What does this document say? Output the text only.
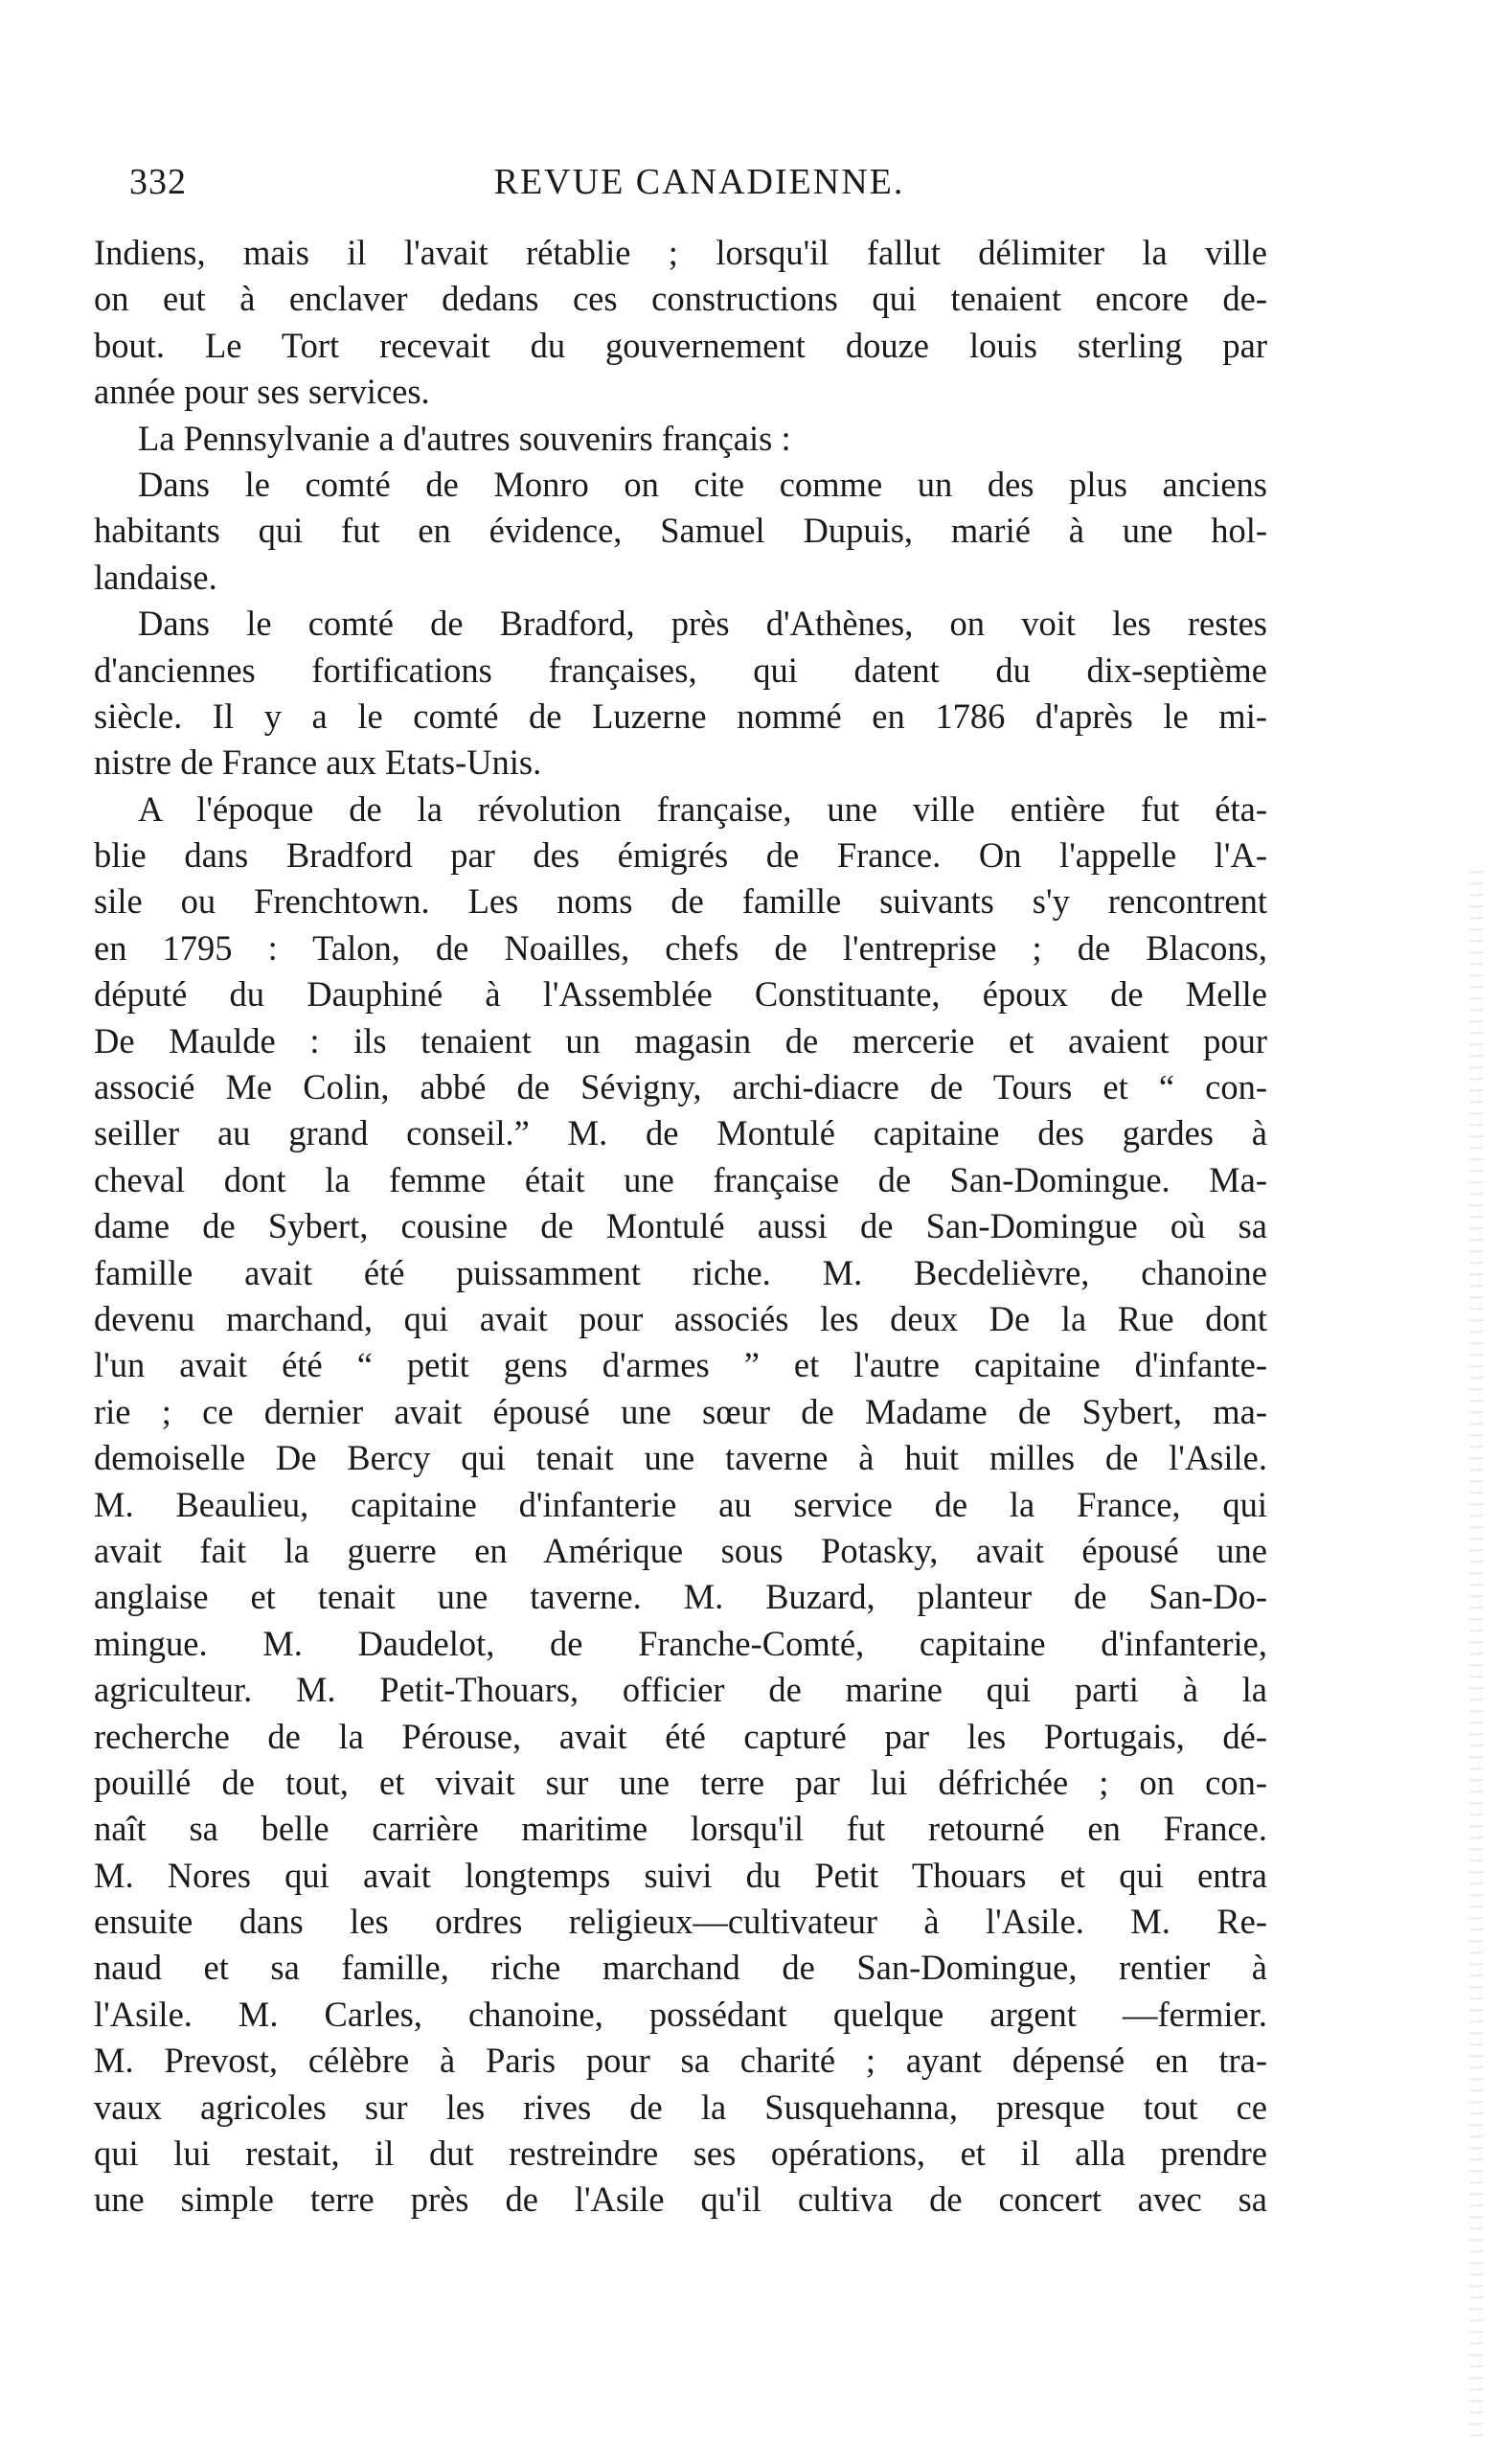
332	REVUE CANADIENNE.
Indiens, mais il l'avait rétablie ; lorsqu'il fallut délimiter la ville
on eut à enclaver dedans ces constructions qui tenaient encore de-
bout. Le Tort recevait du gouvernement douze louis sterling par
année pour ses services.
La Pennsylvanie a d'autres souvenirs français :
Dans le comté de Monro on cite comme un des plus anciens
habitants qui fut en évidence, Samuel Dupuis, marié à une hol-
landaise.
Dans le comté de Bradford, près d'Athènes, on voit les restes
d'anciennes fortifications françaises, qui datent du dix-septième
siècle. Il y a le comté de Luzerne nommé en 1786 d'après le mi-
nistre de France aux Etats-Unis.
A l'époque de la révolution française, une ville entière fut éta-
blie dans Bradford par des émigrés de France. On l'appelle l'A-
sile ou Frenchtown. Les noms de famille suivants s'y rencontrent
en 1795 : Talon, de Noailles, chefs de l'entreprise ; de Blacons,
député du Dauphiné à l'Assemblée Constituante, époux de Melle
De Maulde : ils tenaient un magasin de mercerie et avaient pour
associé Me Colin, abbé de Sévigny, archi-diacre de Tours et “ con-
seiller au grand conseil.” M. de Montulé capitaine des gardes à
cheval dont la femme était une française de San-Domingue. Ma-
dame de Sybert, cousine de Montulé aussi de San-Domingue où sa
famille avait été puissamment riche. M. Becdelièvre, chanoine
devenu marchand, qui avait pour associés les deux De la Rue dont
l'un avait été “ petit gens d'armes ” et l'autre capitaine d'infante-
rie ; ce dernier avait épousé une sœur de Madame de Sybert, ma-
demoiselle De Bercy qui tenait une taverne à huit milles de l'Asile.
M. Beaulieu, capitaine d'infanterie au service de la France, qui
avait fait la guerre en Amérique sous Potasky, avait épousé une
anglaise et tenait une taverne. M. Buzard, planteur de San-Do-
mingue. M. Daudelot, de Franche-Comté, capitaine d'infanterie,
agriculteur. M. Petit-Thouars, officier de marine qui parti à la
recherche de la Pérouse, avait été capturé par les Portugais, dé-
pouillé de tout, et vivait sur une terre par lui défrichée ; on con-
naît sa belle carrière maritime lorsqu'il fut retourné en France.
M. Nores qui avait longtemps suivi du Petit Thouars et qui entra
ensuite dans les ordres religieux—cultivateur à l'Asile. M. Re-
naud et sa famille, riche marchand de San-Domingue, rentier à
l'Asile. M. Carles, chanoine, possédant quelque argent —fermier.
M. Prevost, célèbre à Paris pour sa charité ; ayant dépensé en tra-
vaux agricoles sur les rives de la Susquehanna, presque tout ce
qui lui restait, il dut restreindre ses opérations, et il alla prendre
une simple terre près de l'Asile qu'il cultiva de concert avec sa
